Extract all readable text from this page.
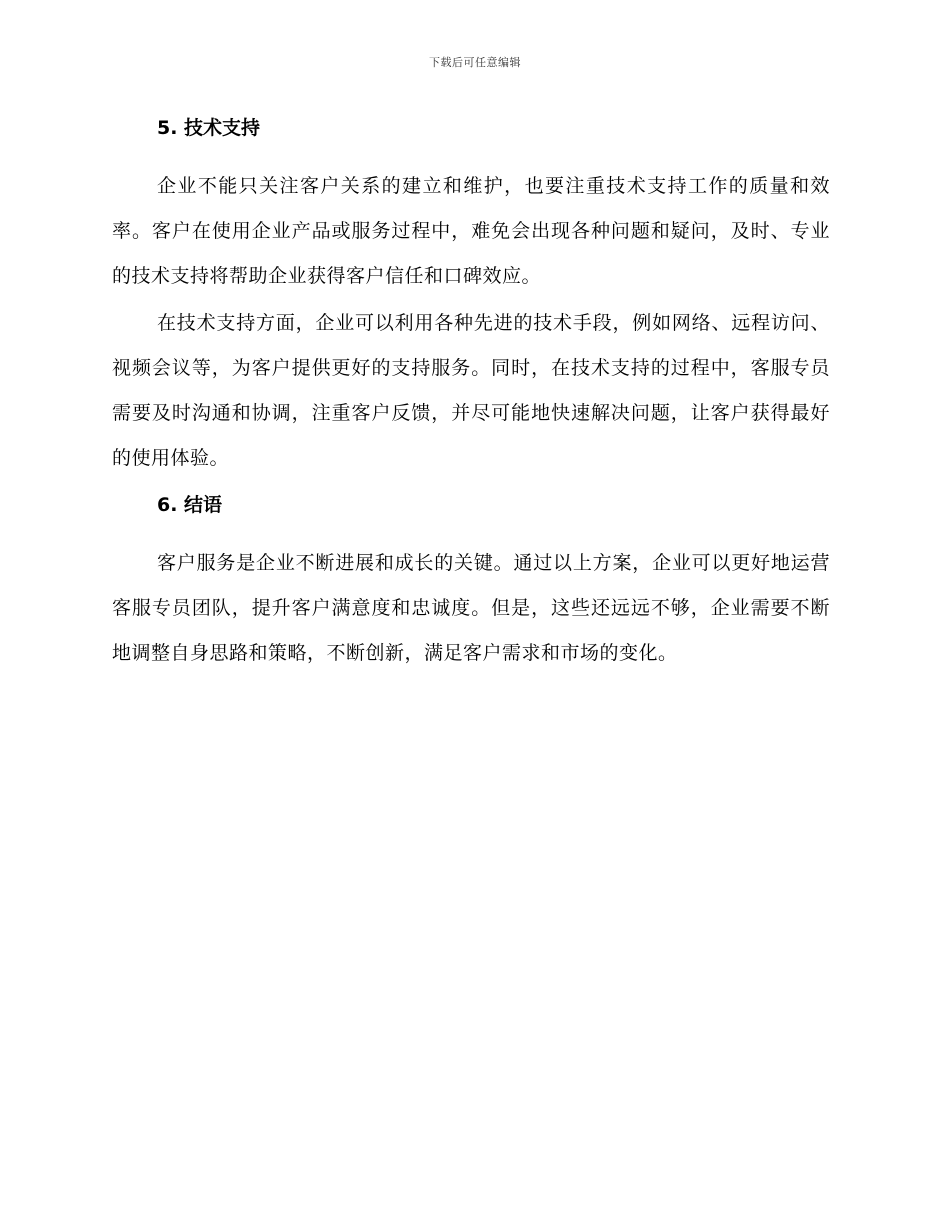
下载后可任意编辑
5. 技术支持

企业不能只关注客户关系的建立和维护，也要注重技术支持工作的质量和效率。客户在使用企业产品或服务过程中，难免会出现各种问题和疑问，及时、专业的技术支持将帮助企业获得客户信任和口碑效应。

在技术支持方面，企业可以利用各种先进的技术手段，例如网络、远程访问、视频会议等，为客户提供更好的支持服务。同时，在技术支持的过程中，客服专员需要及时沟通和协调，注重客户反馈，并尽可能地快速解决问题，让客户获得最好的使用体验。

6. 结语

客户服务是企业不断进展和成长的关键。通过以上方案，企业可以更好地运营客服专员团队，提升客户满意度和忠诚度。但是，这些还远远不够，企业需要不断地调整自身思路和策略，不断创新，满足客户需求和市场的变化。
